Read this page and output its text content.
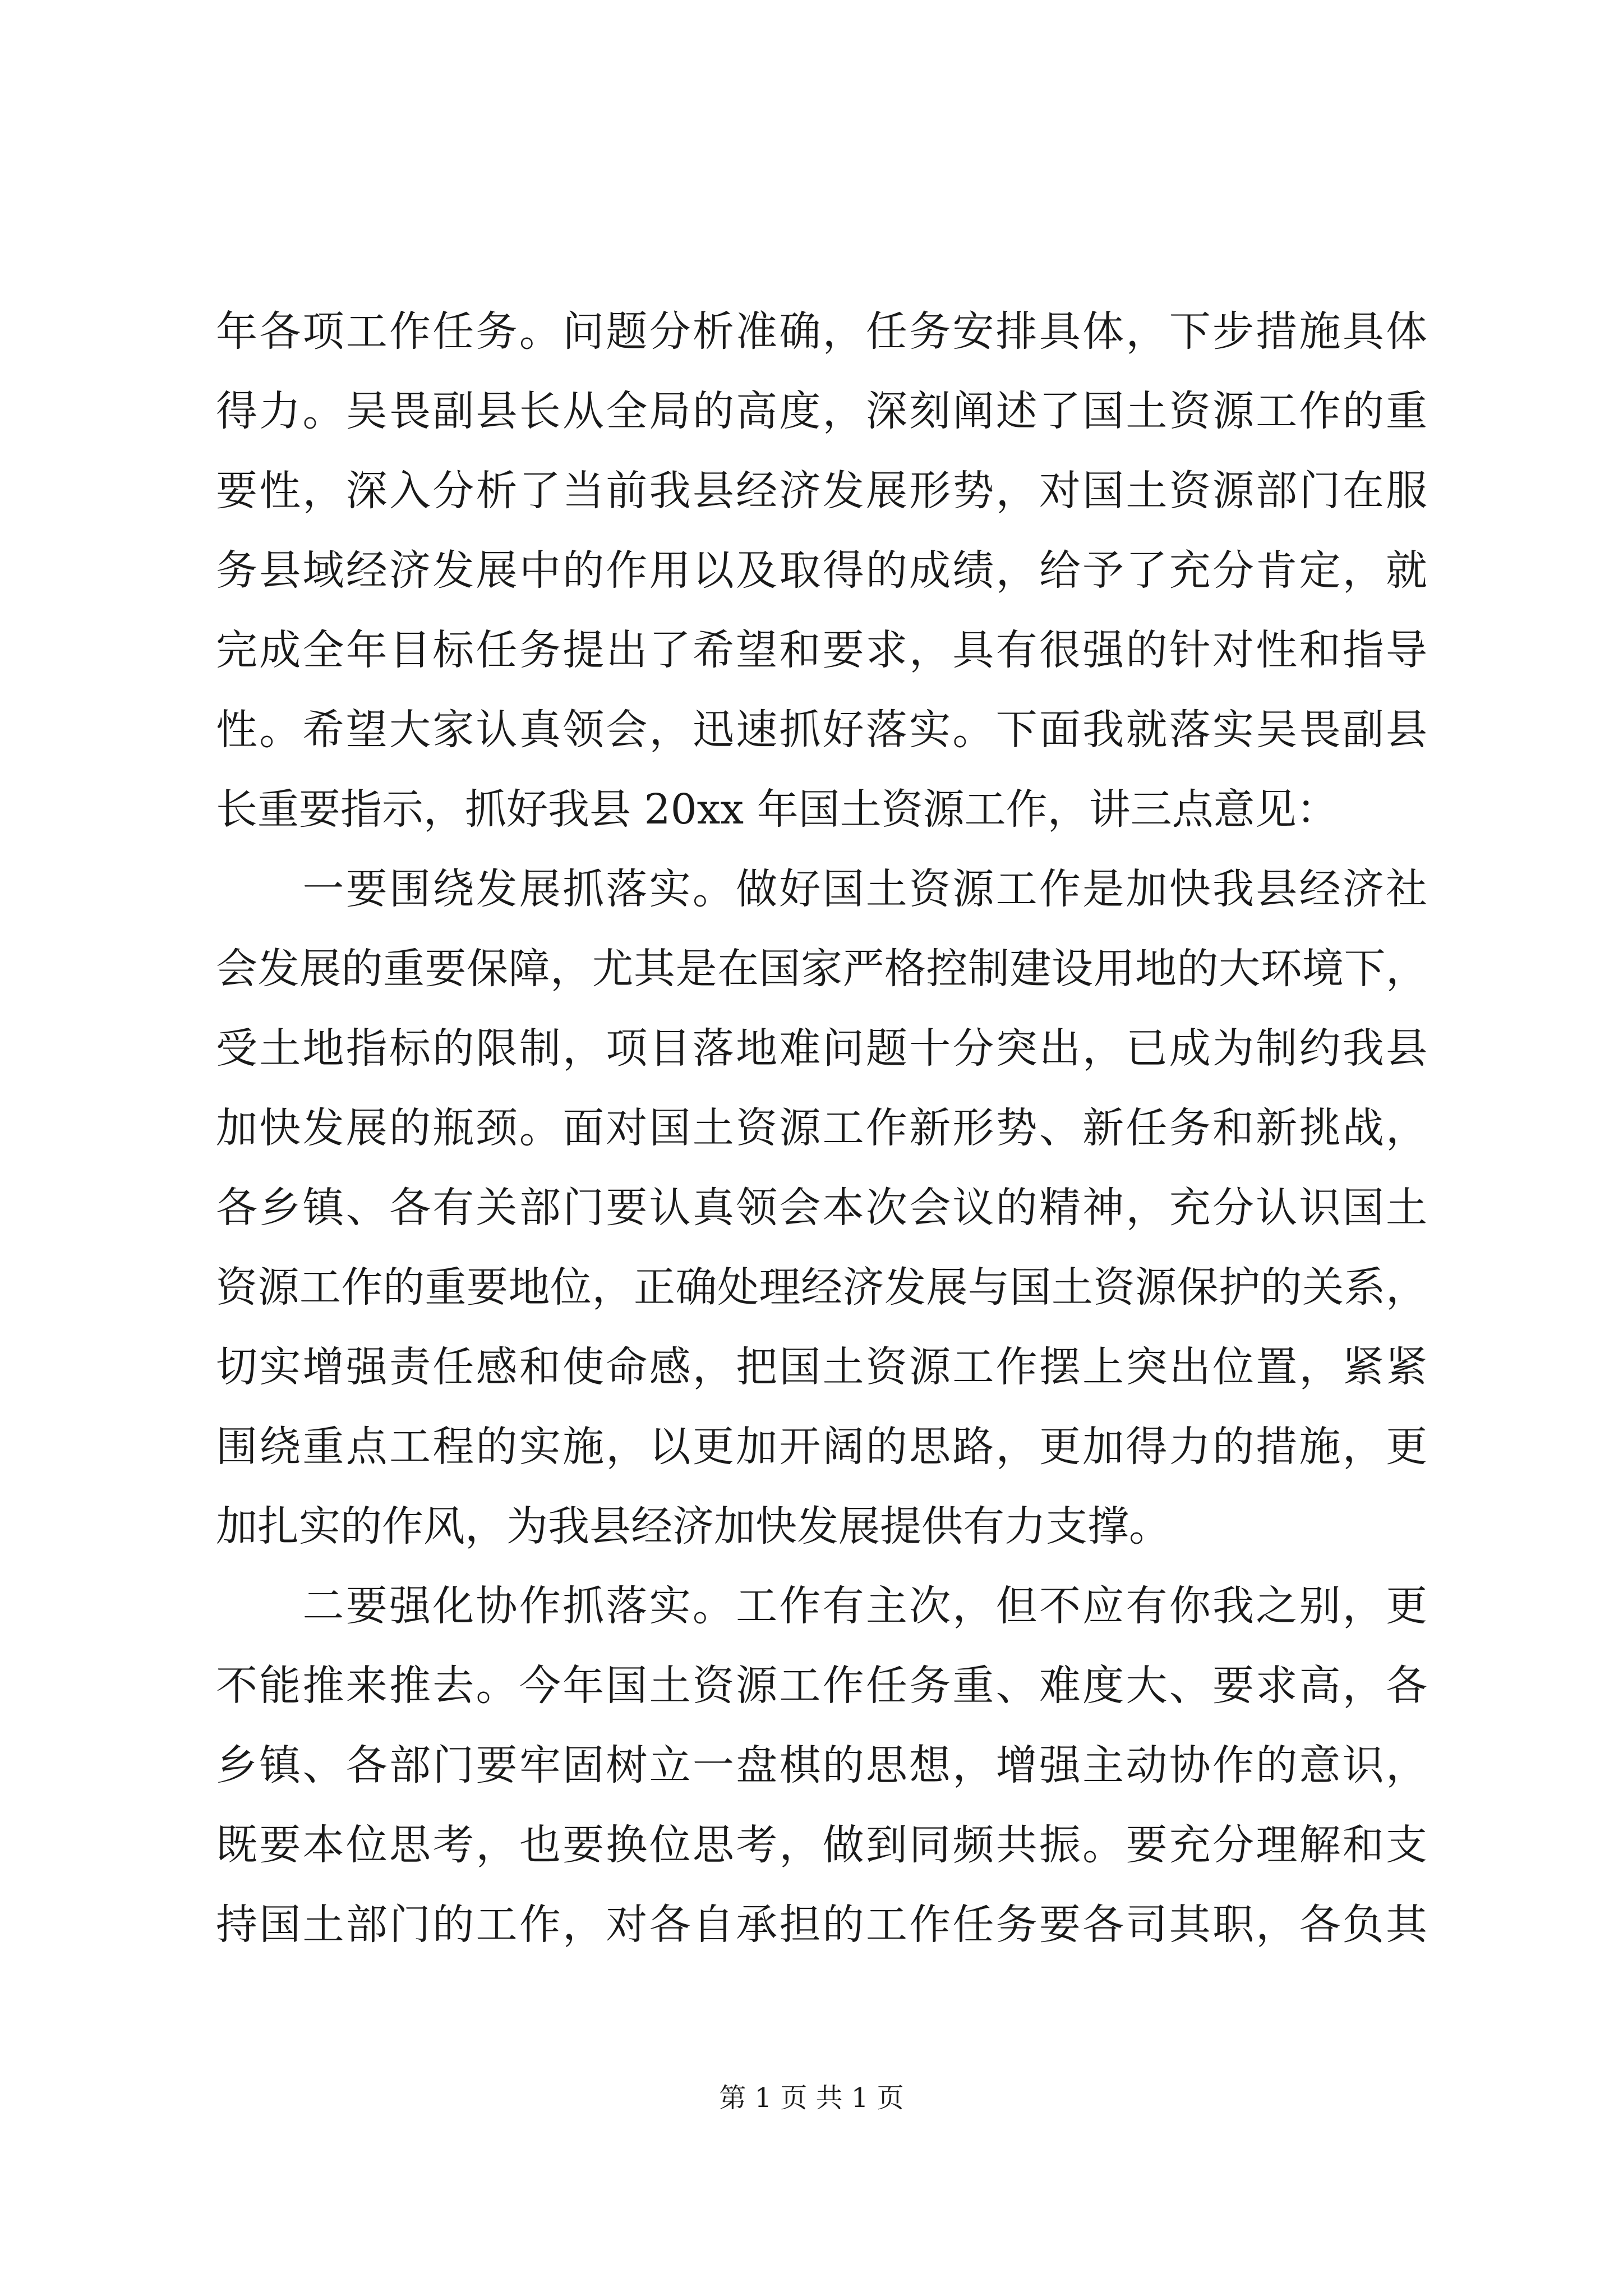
年各项工作任务。问题分析准确，任务安排具体，下步措施具体
得力。吴畏副县长从全局的高度，深刻阐述了国土资源工作的重
要性，深入分析了当前我县经济发展形势，对国土资源部门在服
务县域经济发展中的作用以及取得的成绩，给予了充分肯定，就
完成全年目标任务提出了希望和要求，具有很强的针对性和指导
性。希望大家认真领会，迅速抓好落实。下面我就落实吴畏副县
长重要指示，抓好我县 20xx 年国土资源工作，讲三点意见：
　　一要围绕发展抓落实。做好国土资源工作是加快我县经济社
会发展的重要保障，尤其是在国家严格控制建设用地的大环境下，
受土地指标的限制，项目落地难问题十分突出，已成为制约我县
加快发展的瓶颈。面对国土资源工作新形势、新任务和新挑战，
各乡镇、各有关部门要认真领会本次会议的精神，充分认识国土
资源工作的重要地位，正确处理经济发展与国土资源保护的关系，
切实增强责任感和使命感，把国土资源工作摆上突出位置，紧紧
围绕重点工程的实施，以更加开阔的思路，更加得力的措施，更
加扎实的作风，为我县经济加快发展提供有力支撑。
　　二要强化协作抓落实。工作有主次，但不应有你我之别，更
不能推来推去。今年国土资源工作任务重、难度大、要求高，各
乡镇、各部门要牢固树立一盘棋的思想，增强主动协作的意识，
既要本位思考，也要换位思考，做到同频共振。要充分理解和支
持国土部门的工作，对各自承担的工作任务要各司其职，各负其
第 1 页 共 1 页
